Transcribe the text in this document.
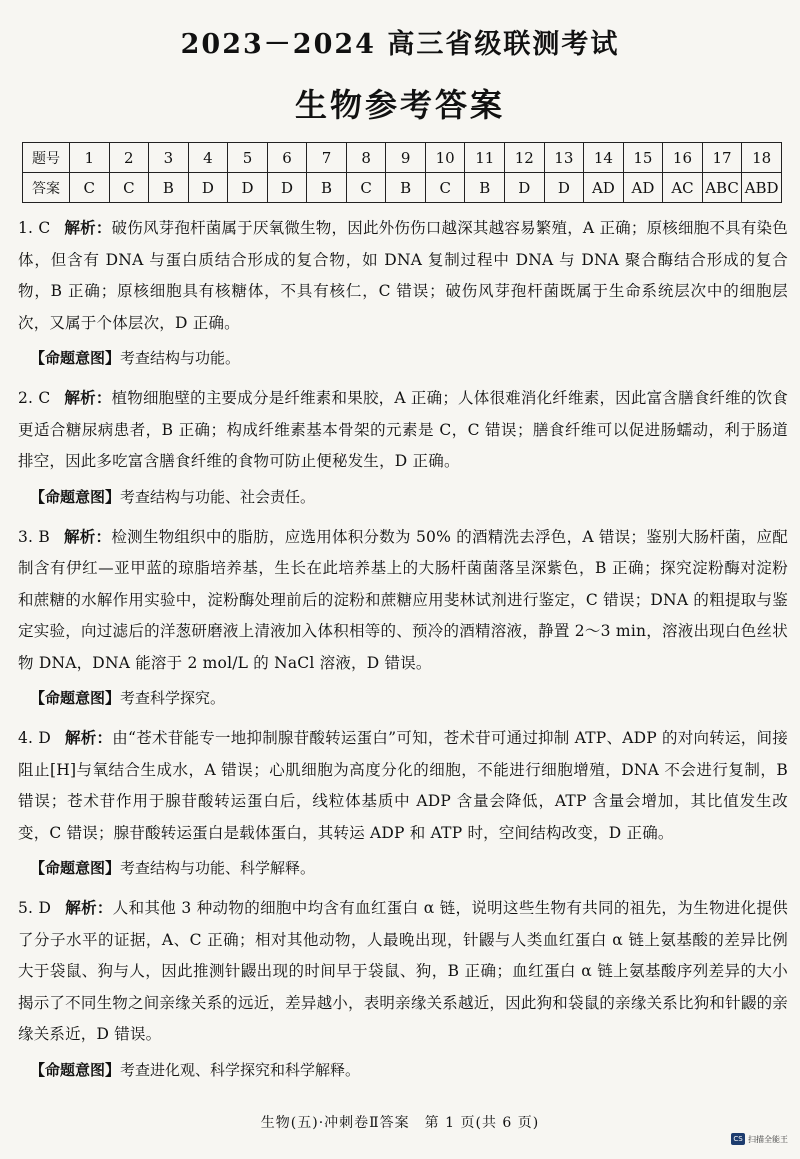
2023－2024 高三省级联测考试
生物参考答案
题号	1	2	3	4	5	6	7	8	9	10	11	12	13	14	15	16	17	18
答案	C	C	B	D	D	D	B	C	B	C	B	D	D	AD	AD	AC	ABC	ABD

1. C 解析：破伤风芽孢杆菌属于厌氧微生物，因此外伤伤口越深其越容易繁殖，A 正确；原核细胞不具有染色体，但含有 DNA 与蛋白质结合形成的复合物，如 DNA 复制过程中 DNA 与 DNA 聚合酶结合形成的复合物，B 正确；原核细胞具有核糖体，不具有核仁，C 错误；破伤风芽孢杆菌既属于生命系统层次中的细胞层次，又属于个体层次，D 正确。

【命题意图】考查结构与功能。

2. C 解析：植物细胞壁的主要成分是纤维素和果胶，A 正确；人体很难消化纤维素，因此富含膳食纤维的饮食更适合糖尿病患者，B 正确；构成纤维素基本骨架的元素是 C，C 错误；膳食纤维可以促进肠蠕动，利于肠道排空，因此多吃富含膳食纤维的食物可防止便秘发生，D 正确。

【命题意图】考查结构与功能、社会责任。

3. B 解析：检测生物组织中的脂肪，应选用体积分数为 50% 的酒精洗去浮色，A 错误；鉴别大肠杆菌，应配制含有伊红—亚甲蓝的琼脂培养基，生长在此培养基上的大肠杆菌菌落呈深紫色，B 正确；探究淀粉酶对淀粉和蔗糖的水解作用实验中，淀粉酶处理前后的淀粉和蔗糖应用斐林试剂进行鉴定，C 错误；DNA 的粗提取与鉴定实验，向过滤后的洋葱研磨液上清液加入体积相等的、预冷的酒精溶液，静置 2～3 min，溶液出现白色丝状物 DNA，DNA 能溶于 2 mol/L 的 NaCl 溶液，D 错误。

【命题意图】考查科学探究。

4. D 解析：由“苍术苷能专一地抑制腺苷酸转运蛋白”可知，苍术苷可通过抑制 ATP、ADP 的对向转运，间接阻止[H]与氧结合生成水，A 错误；心肌细胞为高度分化的细胞，不能进行细胞增殖，DNA 不会进行复制，B 错误；苍术苷作用于腺苷酸转运蛋白后，线粒体基质中 ADP 含量会降低，ATP 含量会增加，其比值发生改变，C 错误；腺苷酸转运蛋白是载体蛋白，其转运 ADP 和 ATP 时，空间结构改变，D 正确。

【命题意图】考查结构与功能、科学解释。

5. D 解析：人和其他 3 种动物的细胞中均含有血红蛋白 α 链，说明这些生物有共同的祖先，为生物进化提供了分子水平的证据，A、C 正确；相对其他动物，人最晚出现，针鼹与人类血红蛋白 α 链上氨基酸的差异比例大于袋鼠、狗与人，因此推测针鼹出现的时间早于袋鼠、狗，B 正确；血红蛋白 α 链上氨基酸序列差异的大小揭示了不同生物之间亲缘关系的远近，差异越小，表明亲缘关系越近，因此狗和袋鼠的亲缘关系比狗和针鼹的亲缘关系近，D 错误。

【命题意图】考查进化观、科学探究和科学解释。
生物(五)·冲刺卷Ⅱ答案　第 1 页(共 6 页)
CS 扫描全能王
